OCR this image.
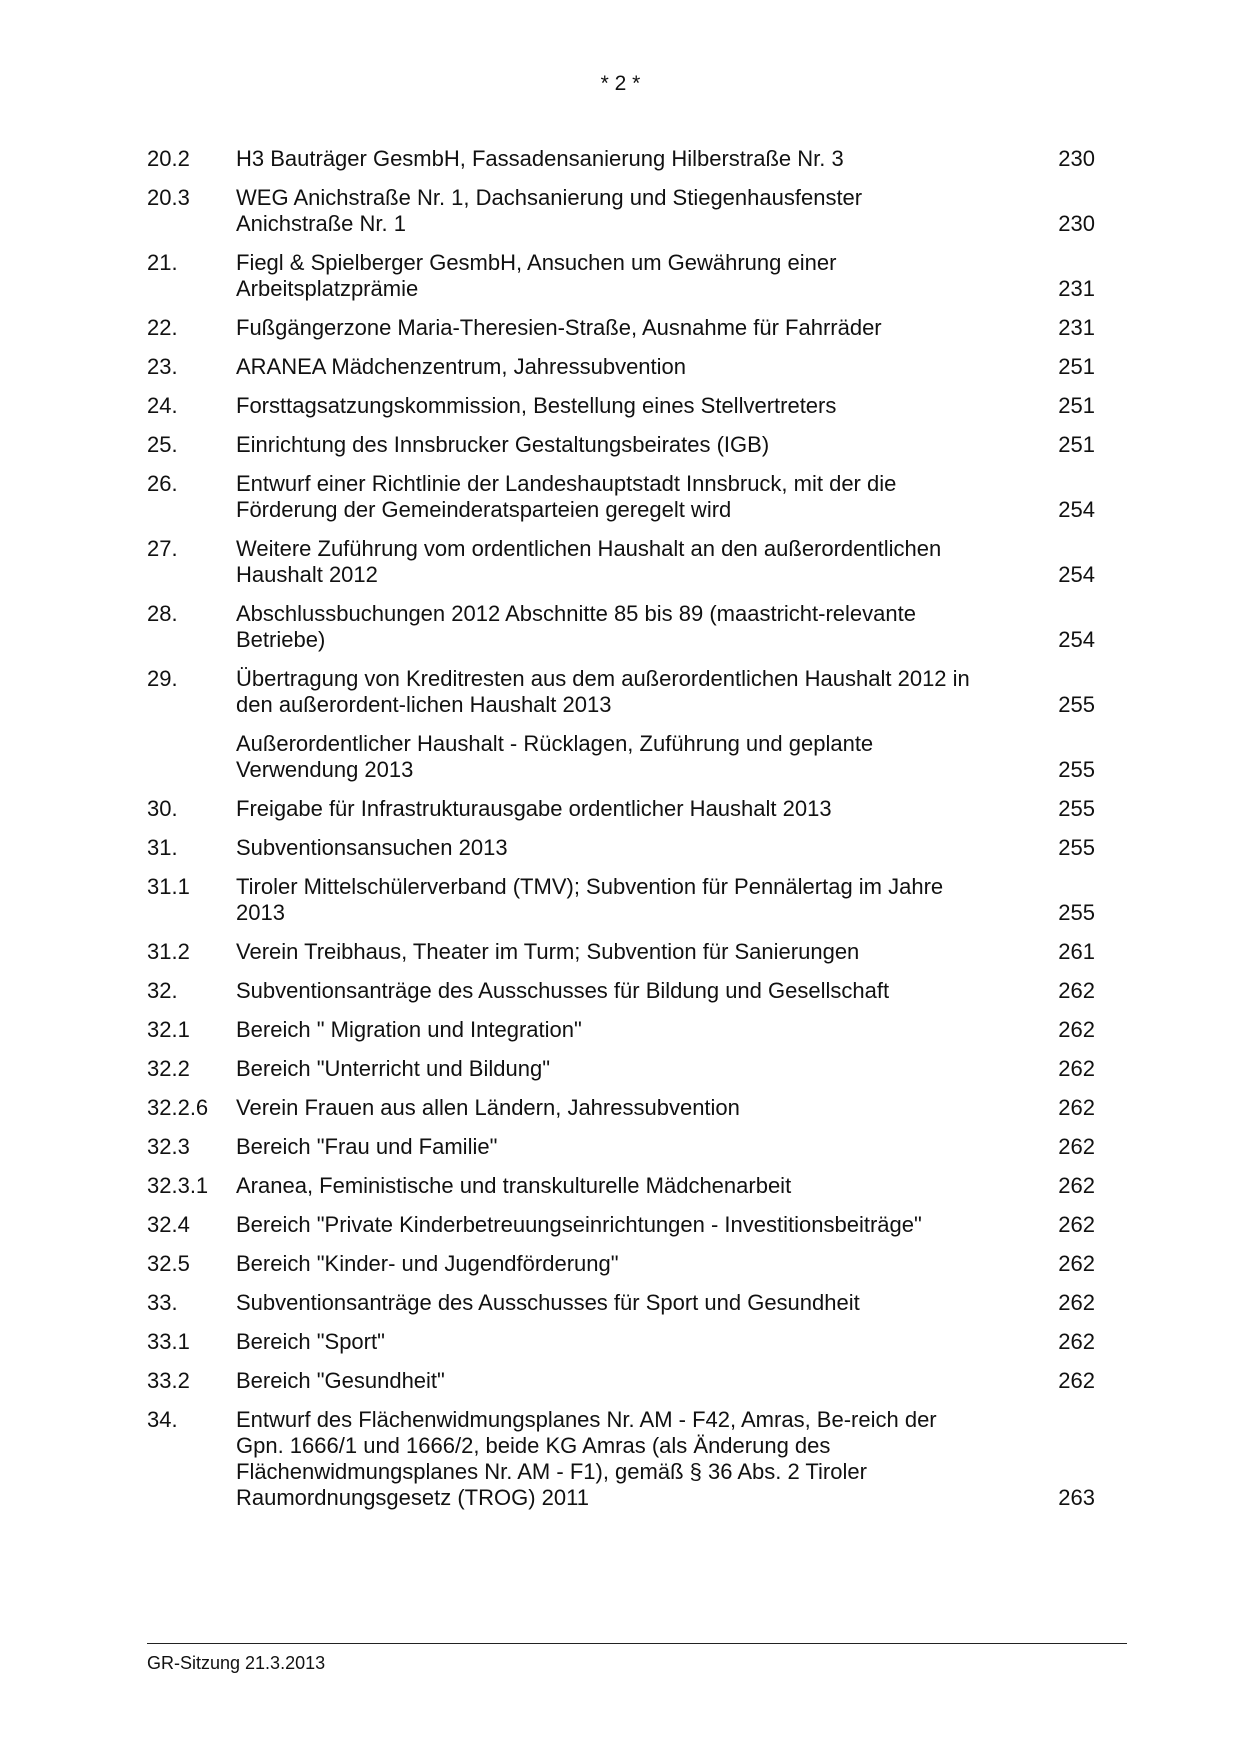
* 2 *
20.2	H3 Bauträger GesmbH, Fassadensanierung Hilberstraße Nr. 3	230
20.3	WEG Anichstraße Nr. 1, Dachsanierung und Stiegenhausfenster
Anichstraße Nr. 1	230
21.	Fiegl & Spielberger GesmbH, Ansuchen um Gewährung einer
Arbeitsplatzprämie	231
22.	Fußgängerzone Maria-Theresien-Straße, Ausnahme für Fahrräder	231
23.	ARANEA Mädchenzentrum, Jahressubvention	251
24.	Forsttagsatzungskommission, Bestellung eines Stellvertreters	251
25.	Einrichtung des Innsbrucker Gestaltungsbeirates (IGB)	251
26.	Entwurf einer Richtlinie der Landeshauptstadt Innsbruck, mit der die
Förderung der Gemeinderatsparteien geregelt wird	254
27.	Weitere Zuführung vom ordentlichen Haushalt an den außerordentlichen
Haushalt 2012	254
28.	Abschlussbuchungen 2012 Abschnitte 85 bis 89 (maastricht-relevante
Betriebe)	254
29.	Übertragung von Kreditresten aus dem außerordentlichen Haushalt 2012 in
den außerordent-lichen Haushalt 2013	255
Außerordentlicher Haushalt - Rücklagen, Zuführung und geplante
Verwendung 2013	255
30.	Freigabe für Infrastrukturausgabe ordentlicher Haushalt 2013	255
31.	Subventionsansuchen 2013	255
31.1	Tiroler Mittelschülerverband (TMV); Subvention für Pennälertag im Jahre
2013	255
31.2	Verein Treibhaus, Theater im Turm; Subvention für Sanierungen	261
32.	Subventionsanträge des Ausschusses für Bildung und Gesellschaft	262
32.1	Bereich " Migration und Integration"	262
32.2	Bereich "Unterricht und Bildung"	262
32.2.6	Verein Frauen aus allen Ländern, Jahressubvention	262
32.3	Bereich "Frau und Familie"	262
32.3.1	Aranea, Feministische und transkulturelle Mädchenarbeit	262
32.4	Bereich "Private Kinderbetreuungseinrichtungen - Investitionsbeiträge"	262
32.5	Bereich "Kinder- und Jugendförderung"	262
33.	Subventionsanträge des Ausschusses für Sport und Gesundheit	262
33.1	Bereich "Sport"	262
33.2	Bereich "Gesundheit"	262
34.	Entwurf des Flächenwidmungsplanes Nr. AM - F42, Amras, Be-reich der
Gpn. 1666/1 und 1666/2, beide KG Amras (als Änderung des
Flächenwidmungsplanes Nr. AM - F1), gemäß § 36 Abs. 2 Tiroler
Raumordnungsgesetz (TROG) 2011	263
GR-Sitzung 21.3.2013
